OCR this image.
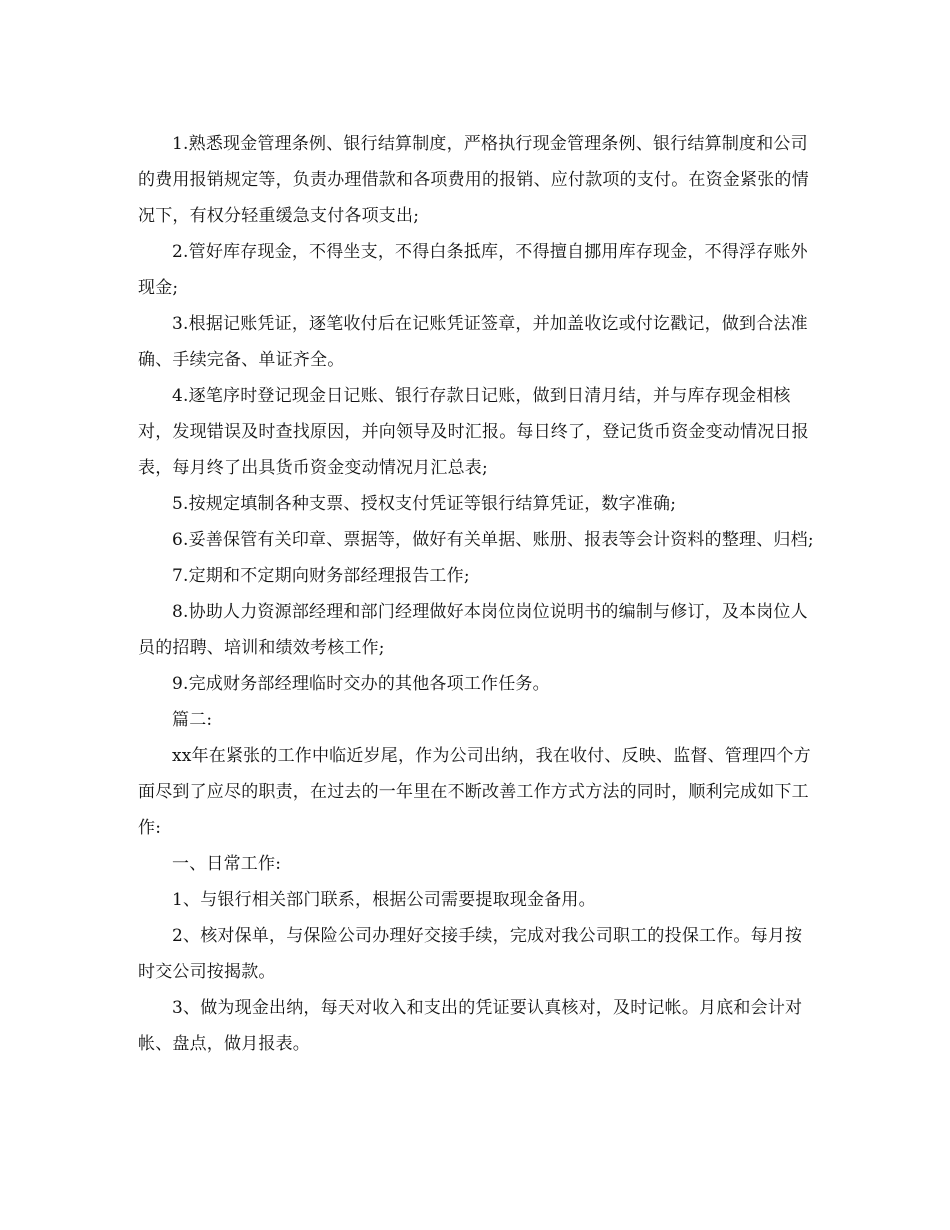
1.熟悉现金管理条例、银行结算制度，严格执行现金管理条例、银行结算制度和公司的费用报销规定等，负责办理借款和各项费用的报销、应付款项的支付。在资金紧张的情况下，有权分轻重缓急支付各项支出;

2.管好库存现金，不得坐支，不得白条抵库，不得擅自挪用库存现金，不得浮存账外现金;

3.根据记账凭证，逐笔收付后在记账凭证签章，并加盖收讫或付讫戳记，做到合法准确、手续完备、单证齐全。

4.逐笔序时登记现金日记账、银行存款日记账，做到日清月结，并与库存现金相核对，发现错误及时查找原因，并向领导及时汇报。每日终了，登记货币资金变动情况日报表，每月终了出具货币资金变动情况月汇总表;

5.按规定填制各种支票、授权支付凭证等银行结算凭证，数字准确;

6.妥善保管有关印章、票据等，做好有关单据、账册、报表等会计资料的整理、归档;

7.定期和不定期向财务部经理报告工作;

8.协助人力资源部经理和部门经理做好本岗位岗位说明书的编制与修订，及本岗位人员的招聘、培训和绩效考核工作;

9.完成财务部经理临时交办的其他各项工作任务。

篇二:

xx年在紧张的工作中临近岁尾，作为公司出纳，我在收付、反映、监督、管理四个方面尽到了应尽的职责，在过去的一年里在不断改善工作方式方法的同时，顺利完成如下工作:

一、日常工作:

1、与银行相关部门联系，根据公司需要提取现金备用。

2、核对保单，与保险公司办理好交接手续，完成对我公司职工的投保工作。每月按时交公司按揭款。

3、做为现金出纳，每天对收入和支出的凭证要认真核对，及时记帐。月底和会计对帐、盘点，做月报表。
